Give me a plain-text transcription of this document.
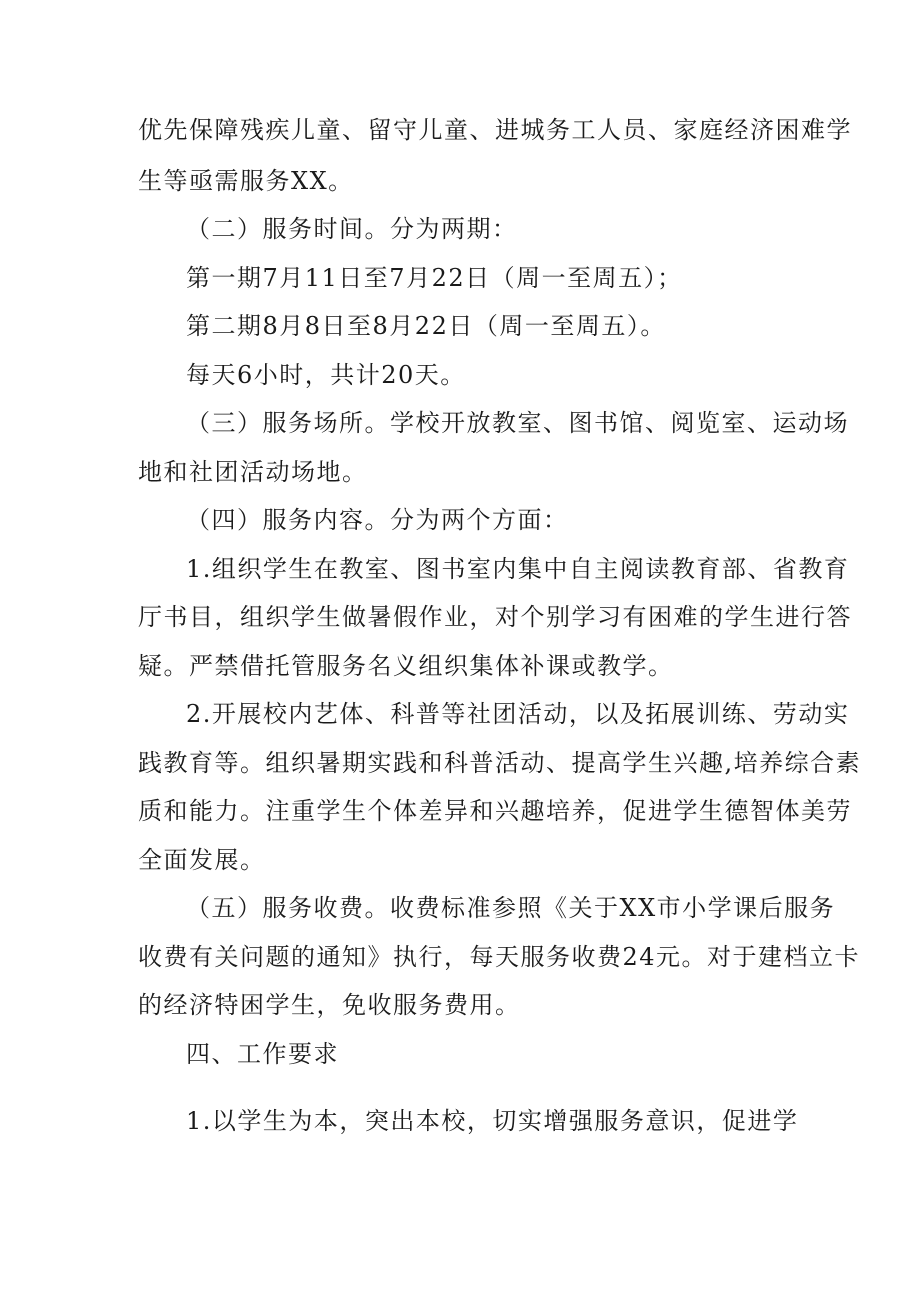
优先保障残疾儿童、留守儿童、进城务工人员、家庭经济困难学
生等亟需服务XX。
（二）服务时间。分为两期：
第一期7月11日至7月22日（周一至周五）；
第二期8月8日至8月22日（周一至周五）。
每天6小时，共计20天。
（三）服务场所。学校开放教室、图书馆、阅览室、运动场
地和社团活动场地。
（四）服务内容。分为两个方面：
1.组织学生在教室、图书室内集中自主阅读教育部、省教育
厅书目，组织学生做暑假作业，对个别学习有困难的学生进行答
疑。严禁借托管服务名义组织集体补课或教学。
2.开展校内艺体、科普等社团活动，以及拓展训练、劳动实
践教育等。组织暑期实践和科普活动、提高学生兴趣,培养综合素
质和能力。注重学生个体差异和兴趣培养，促进学生德智体美劳
全面发展。
（五）服务收费。收费标准参照《关于XX市小学课后服务
收费有关问题的通知》执行，每天服务收费24元。对于建档立卡
的经济特困学生，免收服务费用。
四、工作要求
1.以学生为本，突出本校，切实增强服务意识，促进学
